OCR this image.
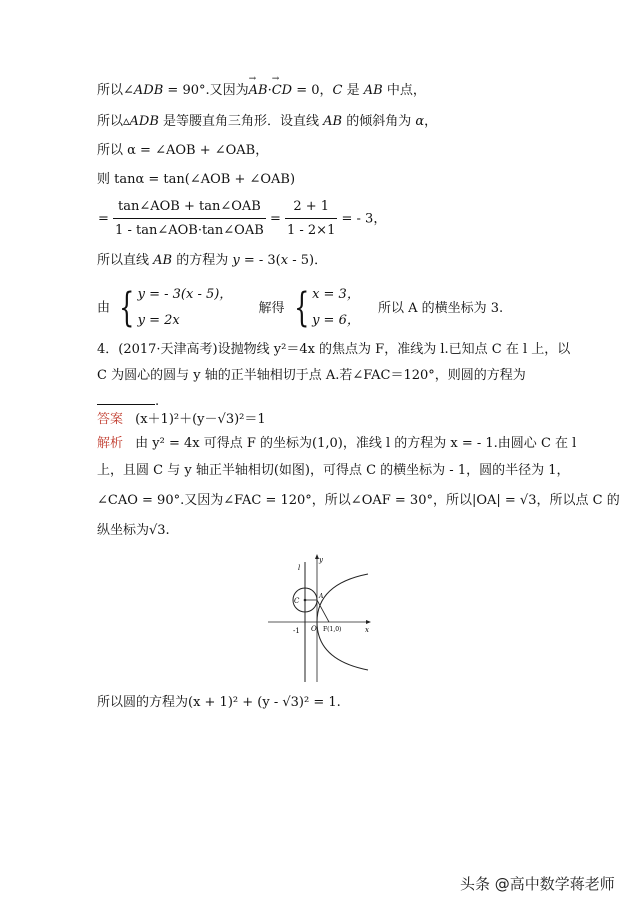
所以∠ADB = 90°.又因为→ AB·→ CD = 0，C 是 AB 中点，
所以▵ADB 是等腰直角三角形．设直线 AB 的倾斜角为 α，
所以 α = ∠AOB + ∠OAB，
则 tanα = tan(∠AOB + ∠OAB)
= $\frac{\text{tan∠AOB + tan∠OAB}}{\text{1 - tan∠AOB·tan∠OAB}} = \frac{2 + 1}{1 - 2\times 1}$ = - 3，
所以直线 AB 的方程为 y = - 3(x - 5)．
由 { y = - 3(x - 5)，
y = 2x
解得 { x = 3，
y = 6，
所以 A 的横坐标为 3.
4．(2017·天津高考)设抛物线 y²＝4x 的焦点为 F，准线为 l.已知点 C 在 l 上，以
C 为圆心的圆与 y 轴的正半轴相切于点 A.若∠FAC＝120°，则圆的方程为
.
答案 (x＋1)²＋(y－√3)²＝1
解析 由 y² = 4x 可得点 F 的坐标为(1,0)，准线 l 的方程为 x = - 1.由圆心 C 在 l
上，且圆 C 与 y 轴正半轴相切(如图)，可得点 C 的横坐标为 - 1，圆的半径为 1，
∠CAO = 90°.又因为∠FAC = 120°，所以∠OAF = 30°，所以|OA| = √3，所以点 C 的
纵坐标为√3.
y
x
l
C
A
O
-1	F(1,0)
所以圆的方程为(x + 1)² + (y - √3)² = 1.
头条 @高中数学蒋老师
